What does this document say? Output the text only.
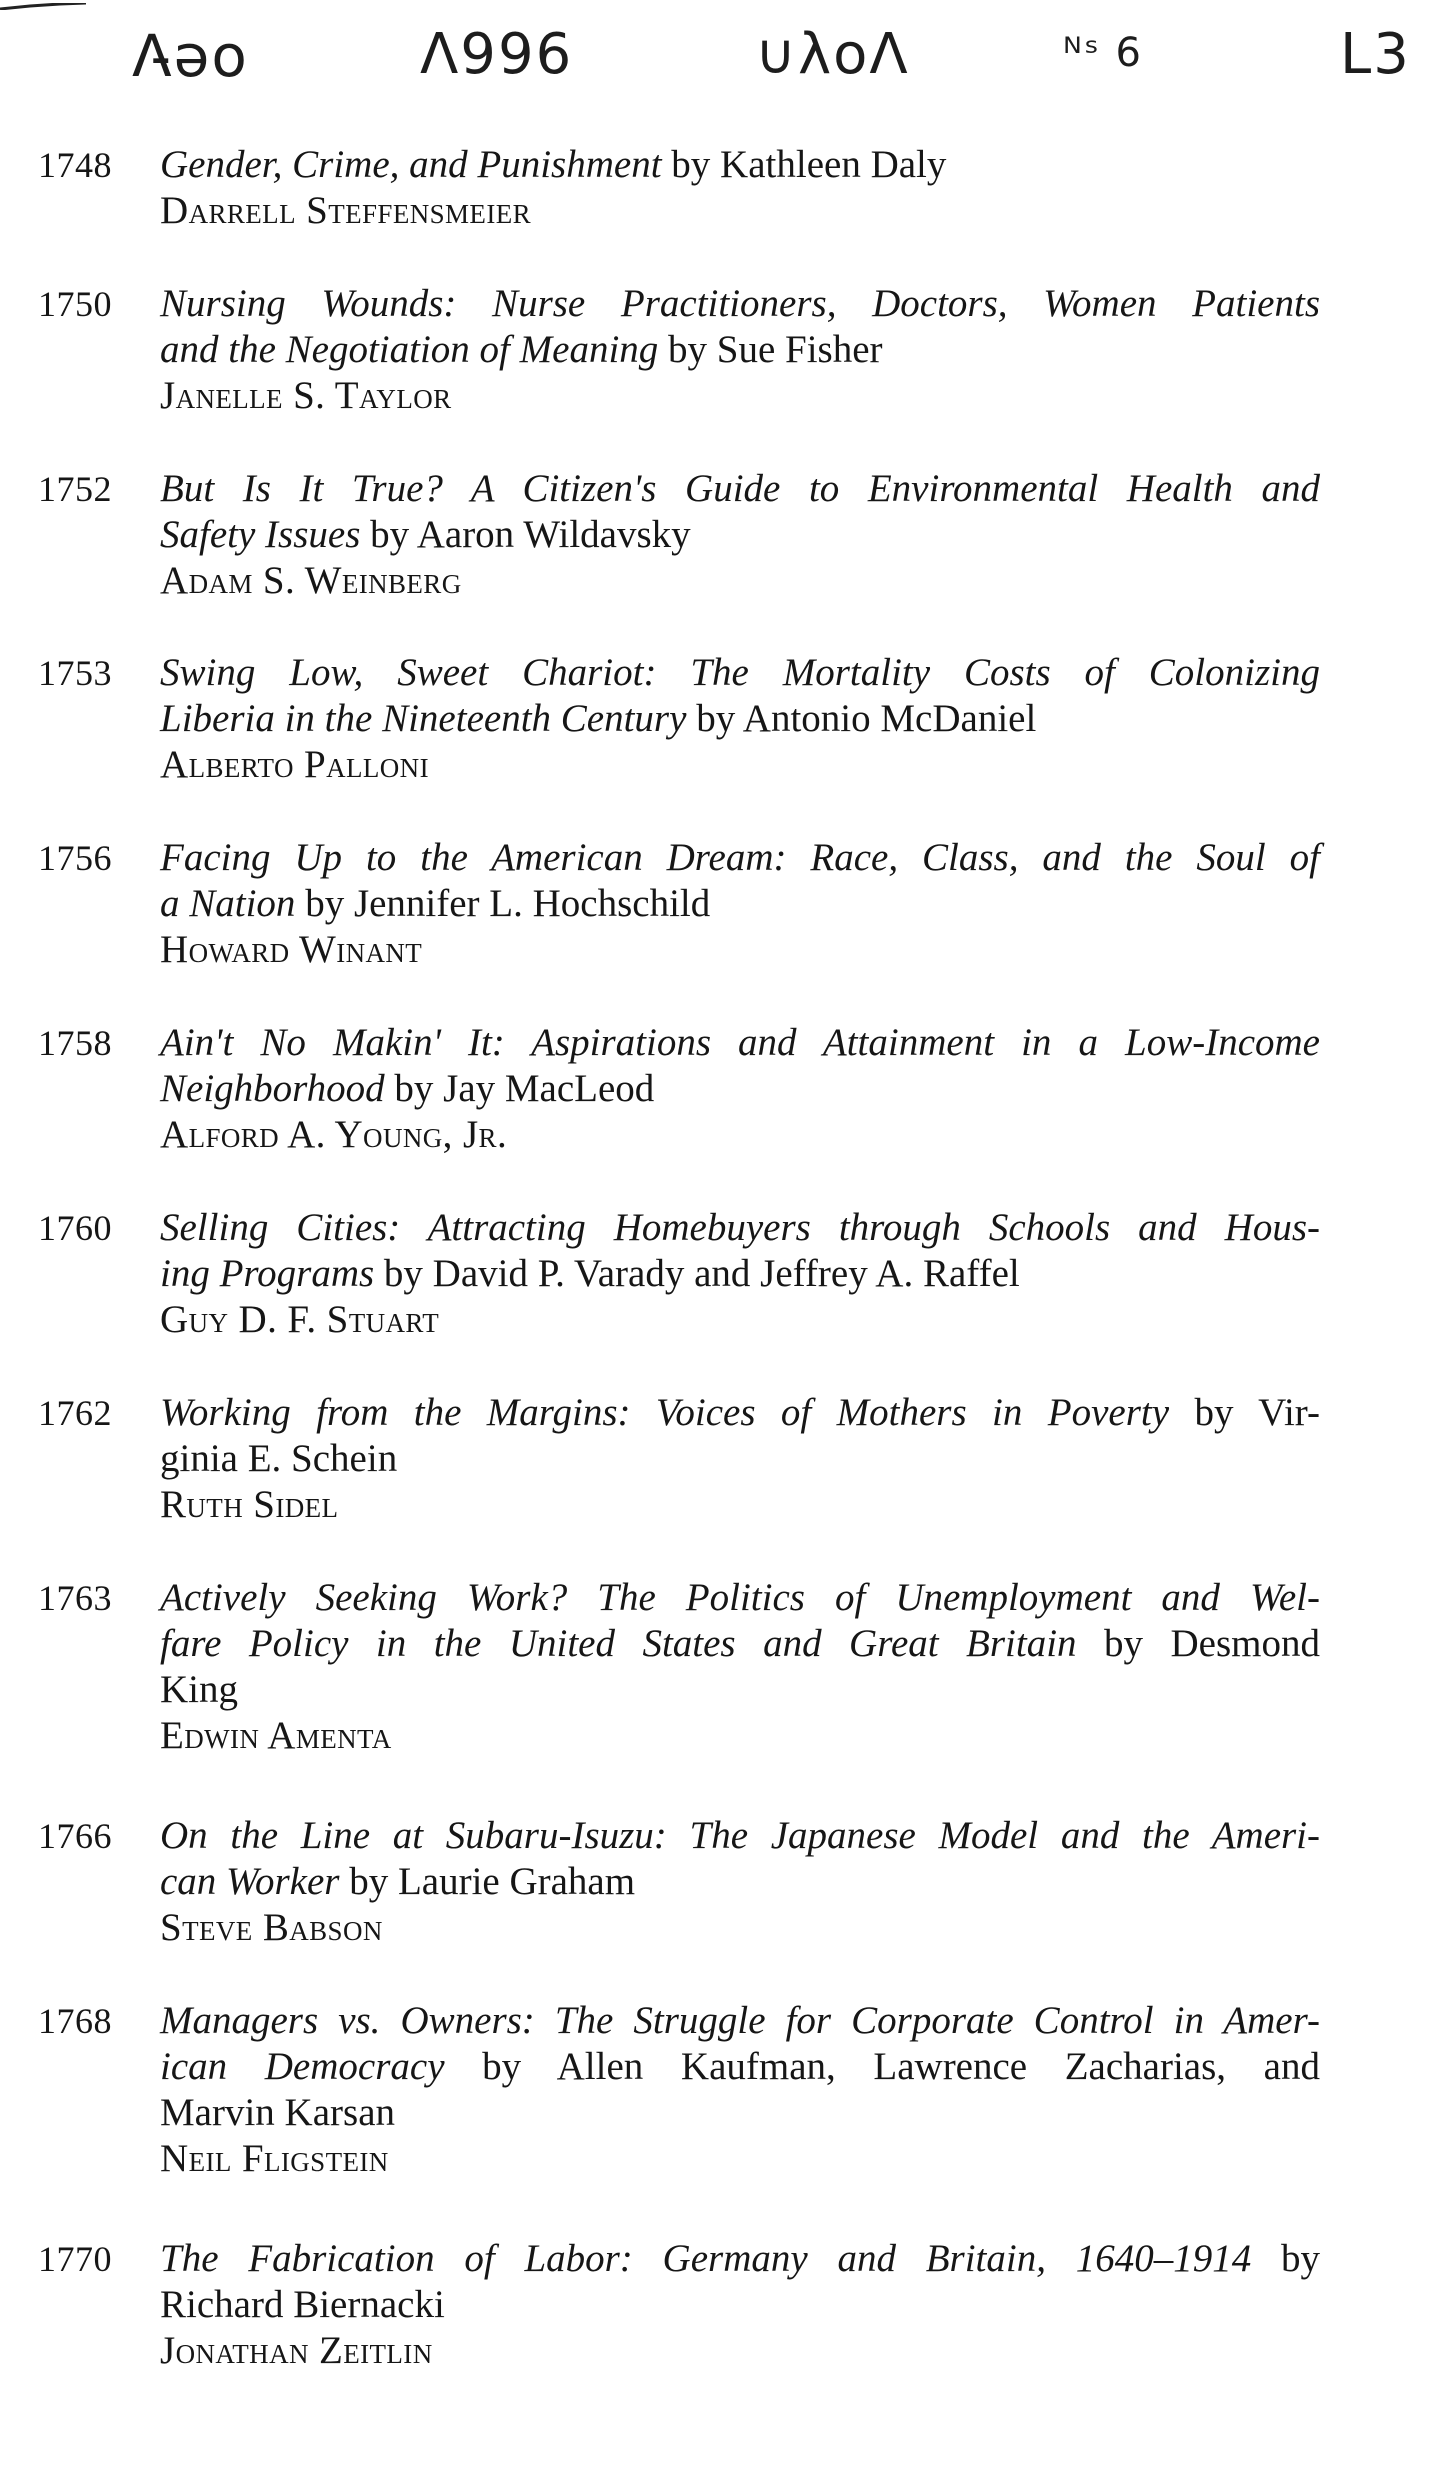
Λ̵ǝo	Λ996	∪λoΛ	ᴺˢ 6	L3
1748 Gender, Crime, and Punishment by Kathleen Daly
Darrell Steffensmeier
1750 Nursing Wounds: Nurse Practitioners, Doctors, Women Patients
and the Negotiation of Meaning by Sue Fisher
Janelle S. Taylor
1752 But Is It True? A Citizen's Guide to Environmental Health and
Safety Issues by Aaron Wildavsky
Adam S. Weinberg
1753 Swing Low, Sweet Chariot: The Mortality Costs of Colonizing
Liberia in the Nineteenth Century by Antonio McDaniel
Alberto Palloni
1756 Facing Up to the American Dream: Race, Class, and the Soul of
a Nation by Jennifer L. Hochschild
Howard Winant
1758 Ain't No Makin' It: Aspirations and Attainment in a Low-Income
Neighborhood by Jay MacLeod
Alford A. Young, Jr.
1760 Selling Cities: Attracting Homebuyers through Schools and Hous-
ing Programs by David P. Varady and Jeffrey A. Raffel
Guy D. F. Stuart
1762 Working from the Margins: Voices of Mothers in Poverty by Vir-
ginia E. Schein
Ruth Sidel
1763 Actively Seeking Work? The Politics of Unemployment and Wel-
fare Policy in the United States and Great Britain by Desmond
King
Edwin Amenta
1766 On the Line at Subaru-Isuzu: The Japanese Model and the Ameri-
can Worker by Laurie Graham
Steve Babson
1768 Managers vs. Owners: The Struggle for Corporate Control in Amer-
ican Democracy by Allen Kaufman, Lawrence Zacharias, and
Marvin Karsan
Neil Fligstein
1770 The Fabrication of Labor: Germany and Britain, 1640–1914 by
Richard Biernacki
Jonathan Zeitlin
